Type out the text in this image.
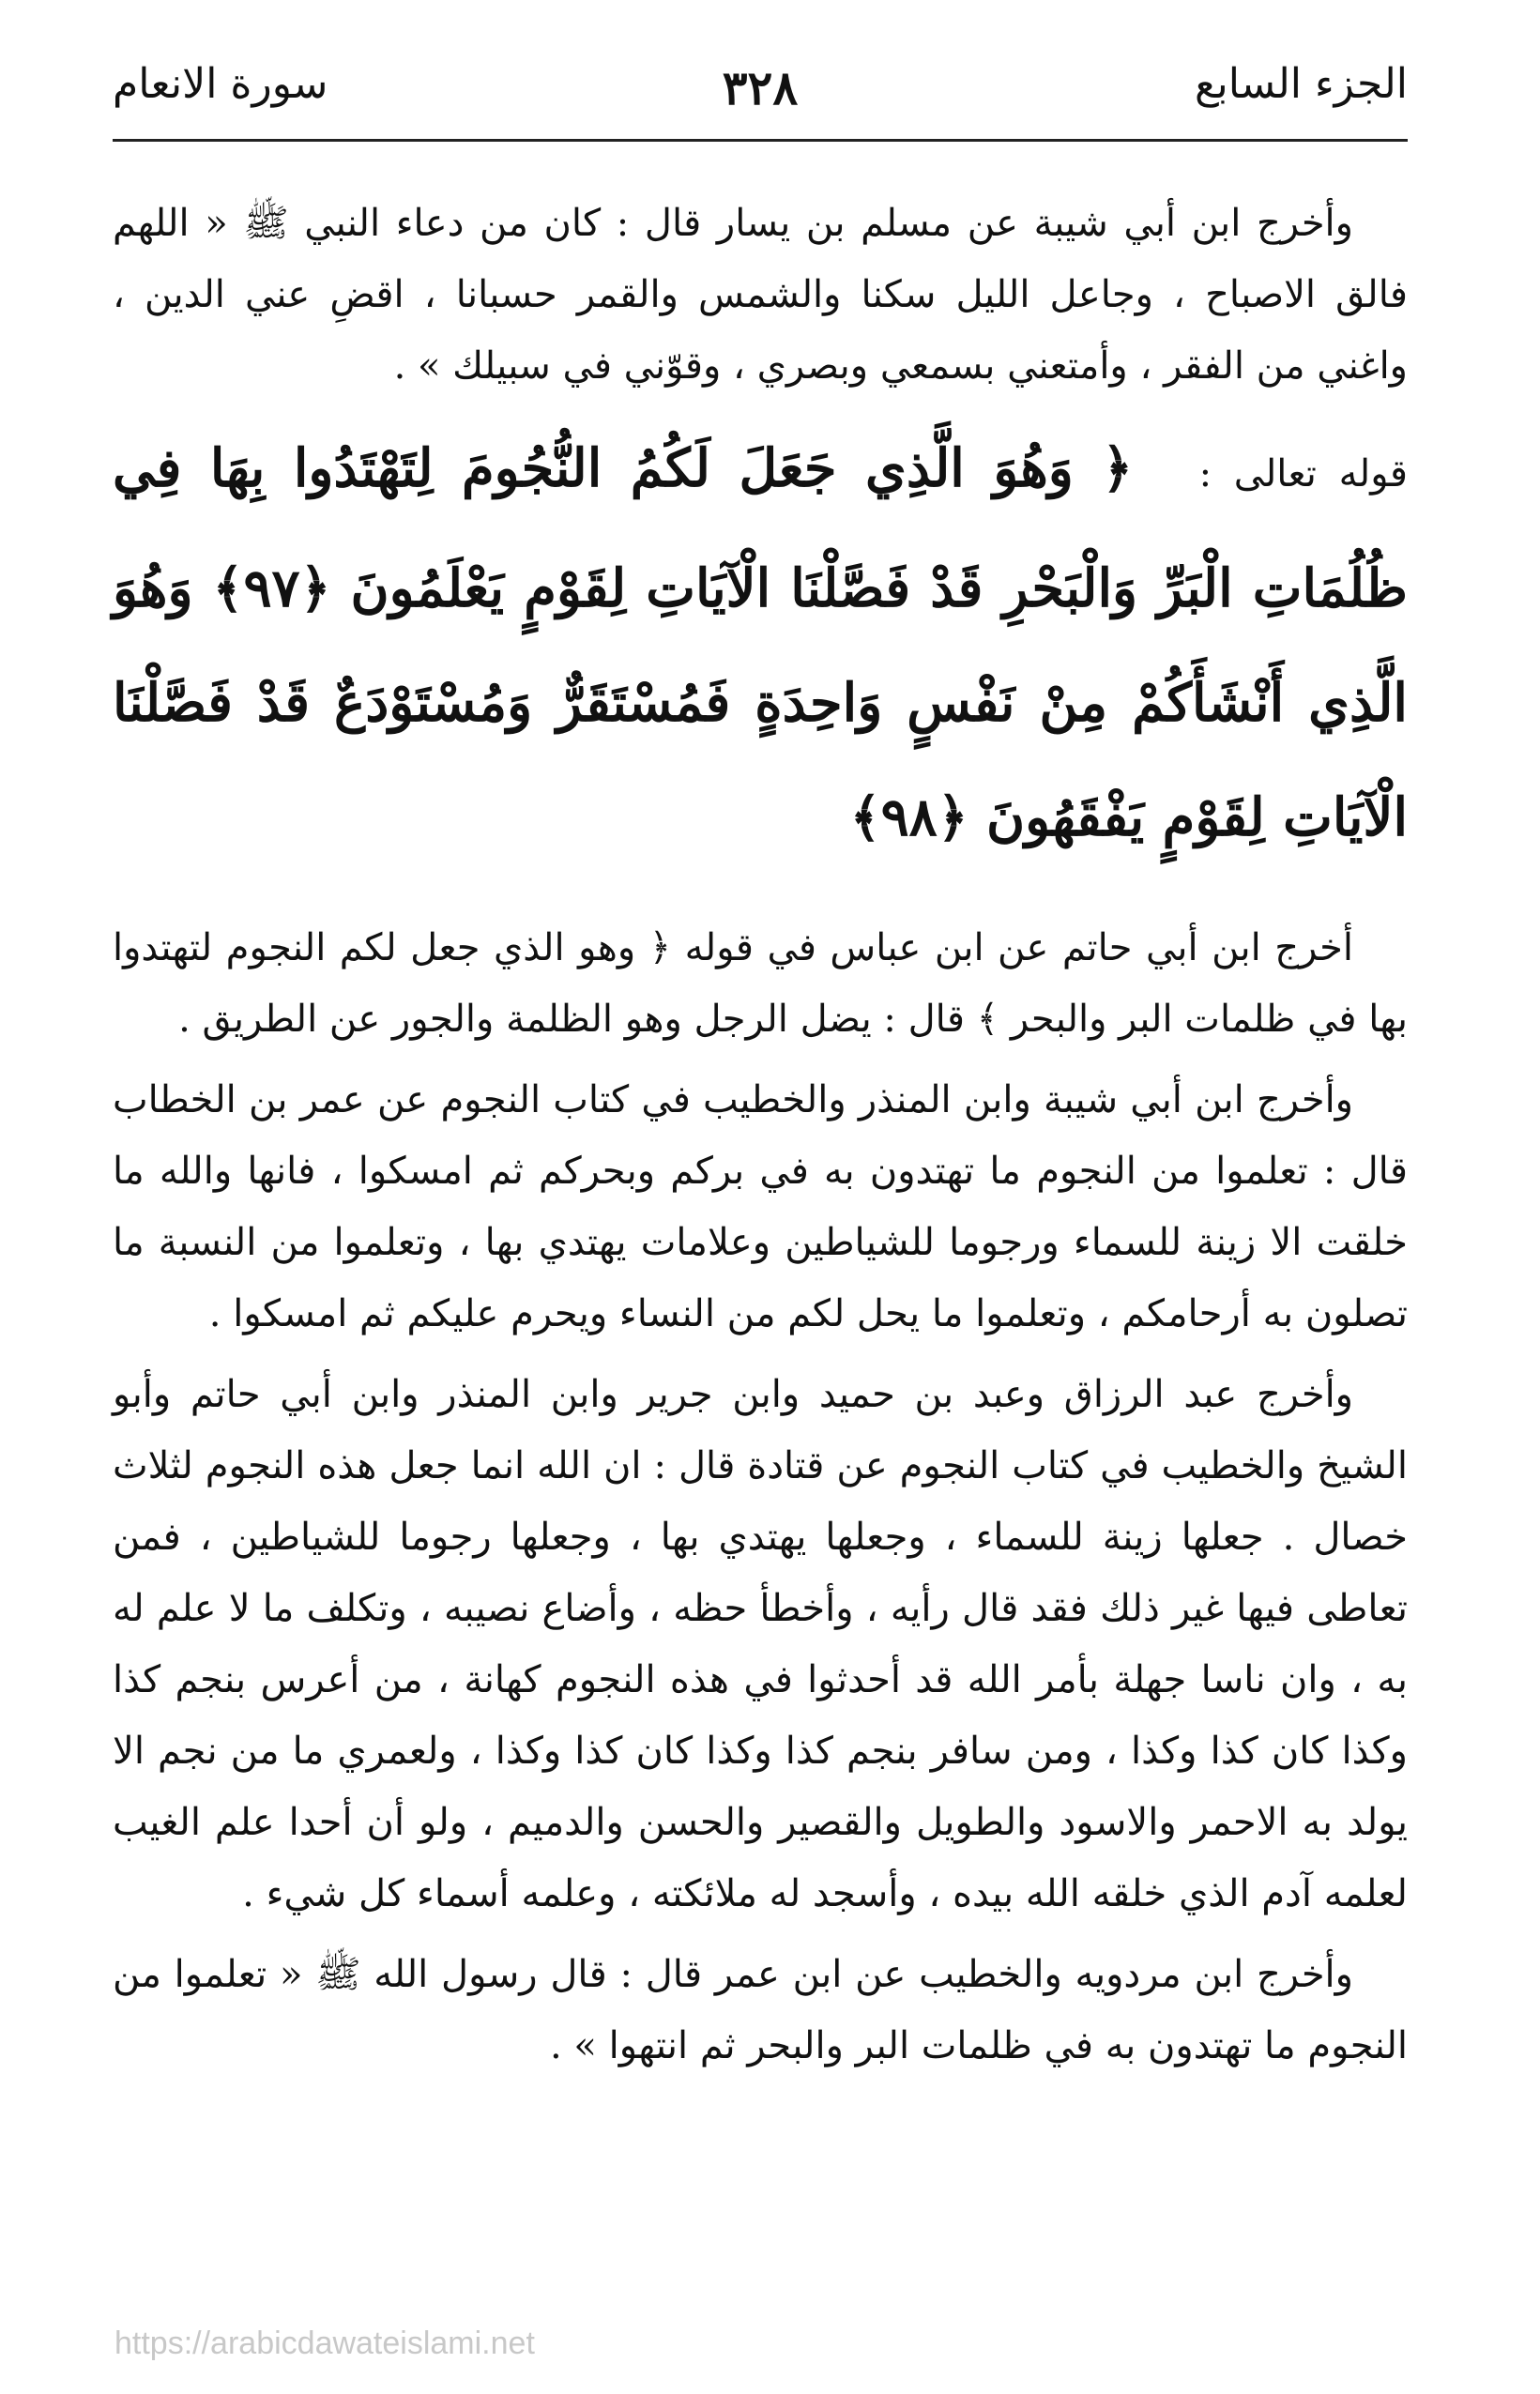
الجزء السابع
٣٢٨
سورة الانعام

وأخرج ابن أبي شيبة عن مسلم بن يسار قال : كان من دعاء النبي ﷺ « اللهم فالق الاصباح ، وجاعل الليل سكنا والشمس والقمر حسبانا ، اقضِ عني الدين ، واغني من الفقر ، وأمتعني بسمعي وبصري ، وقوّني في سبيلك » .

قوله تعالى : ﴿ وَهُوَ الَّذِي جَعَلَ لَكُمُ النُّجُومَ لِتَهْتَدُوا بِهَا فِي ظُلُمَاتِ الْبَرِّ وَالْبَحْرِ قَدْ فَصَّلْنَا الْآيَاتِ لِقَوْمٍ يَعْلَمُونَ ﴿٩٧﴾ وَهُوَ الَّذِي أَنْشَأَكُمْ مِنْ نَفْسٍ وَاحِدَةٍ فَمُسْتَقَرٌّ وَمُسْتَوْدَعٌ قَدْ فَصَّلْنَا الْآيَاتِ لِقَوْمٍ يَفْقَهُونَ ﴿٩٨﴾

أخرج ابن أبي حاتم عن ابن عباس في قوله ﴿ وهو الذي جعل لكم النجوم لتهتدوا بها في ظلمات البر والبحر ﴾ قال : يضل الرجل وهو الظلمة والجور عن الطريق .

وأخرج ابن أبي شيبة وابن المنذر والخطيب في كتاب النجوم عن عمر بن الخطاب قال : تعلموا من النجوم ما تهتدون به في بركم وبحركم ثم امسكوا ، فانها والله ما خلقت الا زينة للسماء ورجوما للشياطين وعلامات يهتدي بها ، وتعلموا من النسبة ما تصلون به أرحامكم ، وتعلموا ما يحل لكم من النساء ويحرم عليكم ثم امسكوا .

وأخرج عبد الرزاق وعبد بن حميد وابن جرير وابن المنذر وابن أبي حاتم وأبو الشيخ والخطيب في كتاب النجوم عن قتادة قال : ان الله انما جعل هذه النجوم لثلاث خصال . جعلها زينة للسماء ، وجعلها يهتدي بها ، وجعلها رجوما للشياطين ، فمن تعاطى فيها غير ذلك فقد قال رأيه ، وأخطأ حظه ، وأضاع نصيبه ، وتكلف ما لا علم له به ، وان ناسا جهلة بأمر الله قد أحدثوا في هذه النجوم كهانة ، من أعرس بنجم كذا وكذا كان كذا وكذا ، ومن سافر بنجم كذا وكذا كان كذا وكذا ، ولعمري ما من نجم الا يولد به الاحمر والاسود والطويل والقصير والحسن والدميم ، ولو أن أحدا علم الغيب لعلمه آدم الذي خلقه الله بيده ، وأسجد له ملائكته ، وعلمه أسماء كل شيء .

وأخرج ابن مردويه والخطيب عن ابن عمر قال : قال رسول الله ﷺ « تعلموا من النجوم ما تهتدون به في ظلمات البر والبحر ثم انتهوا » .

https://arabicdawateislami.net
